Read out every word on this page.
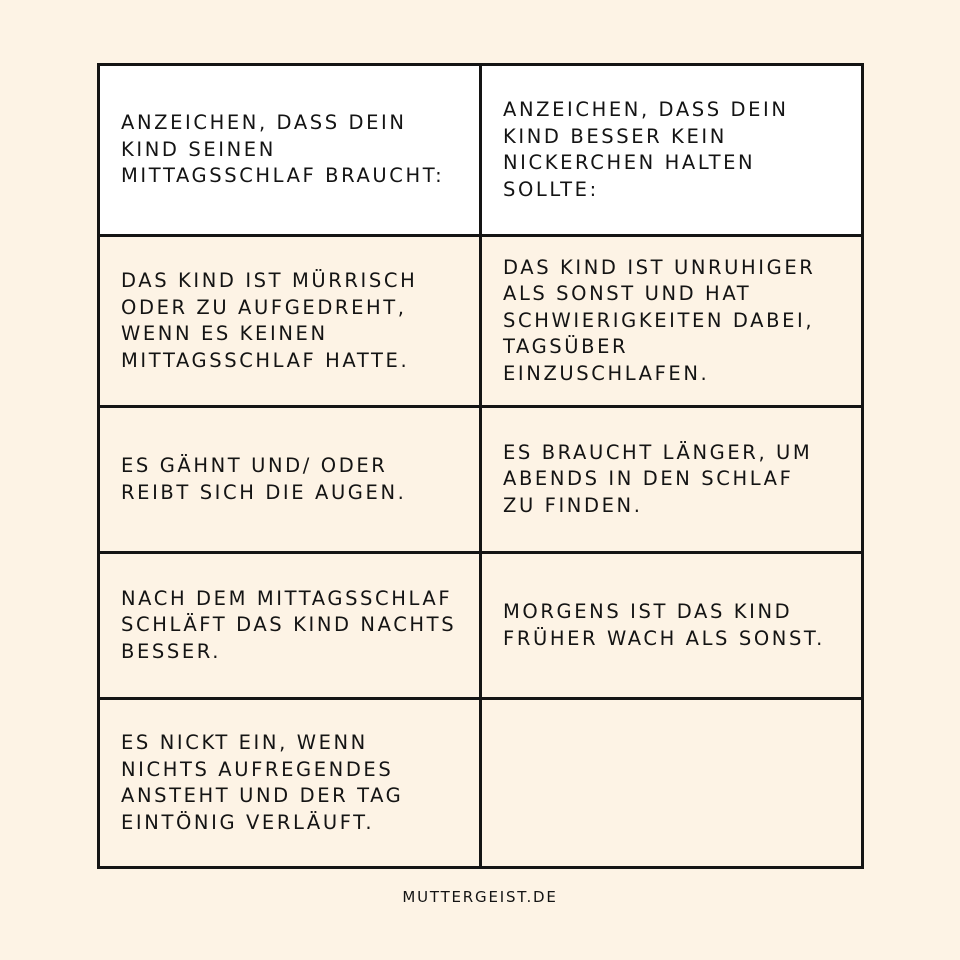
ANZEICHEN, DASS DEIN
KIND SEINEN
MITTAGSSCHLAF BRAUCHT:
ANZEICHEN, DASS DEIN
KIND BESSER KEIN
NICKERCHEN HALTEN
SOLLTE:
DAS KIND IST MÜRRISCH
ODER ZU AUFGEDREHT,
WENN ES KEINEN
MITTAGSSCHLAF HATTE.
DAS KIND IST UNRUHIGER
ALS SONST UND HAT
SCHWIERIGKEITEN DABEI,
TAGSÜBER EINZUSCHLAFEN.
ES GÄHNT UND/ ODER
REIBT SICH DIE AUGEN.
ES BRAUCHT LÄNGER, UM
ABENDS IN DEN SCHLAF
ZU FINDEN.
NACH DEM MITTAGSSCHLAF
SCHLÄFT DAS KIND NACHTS
BESSER.
MORGENS IST DAS KIND
FRÜHER WACH ALS SONST.
ES NICKT EIN, WENN
NICHTS AUFREGENDES
ANSTEHT UND DER TAG
EINTÖNIG VERLÄUFT.
MUTTERGEIST.DE
